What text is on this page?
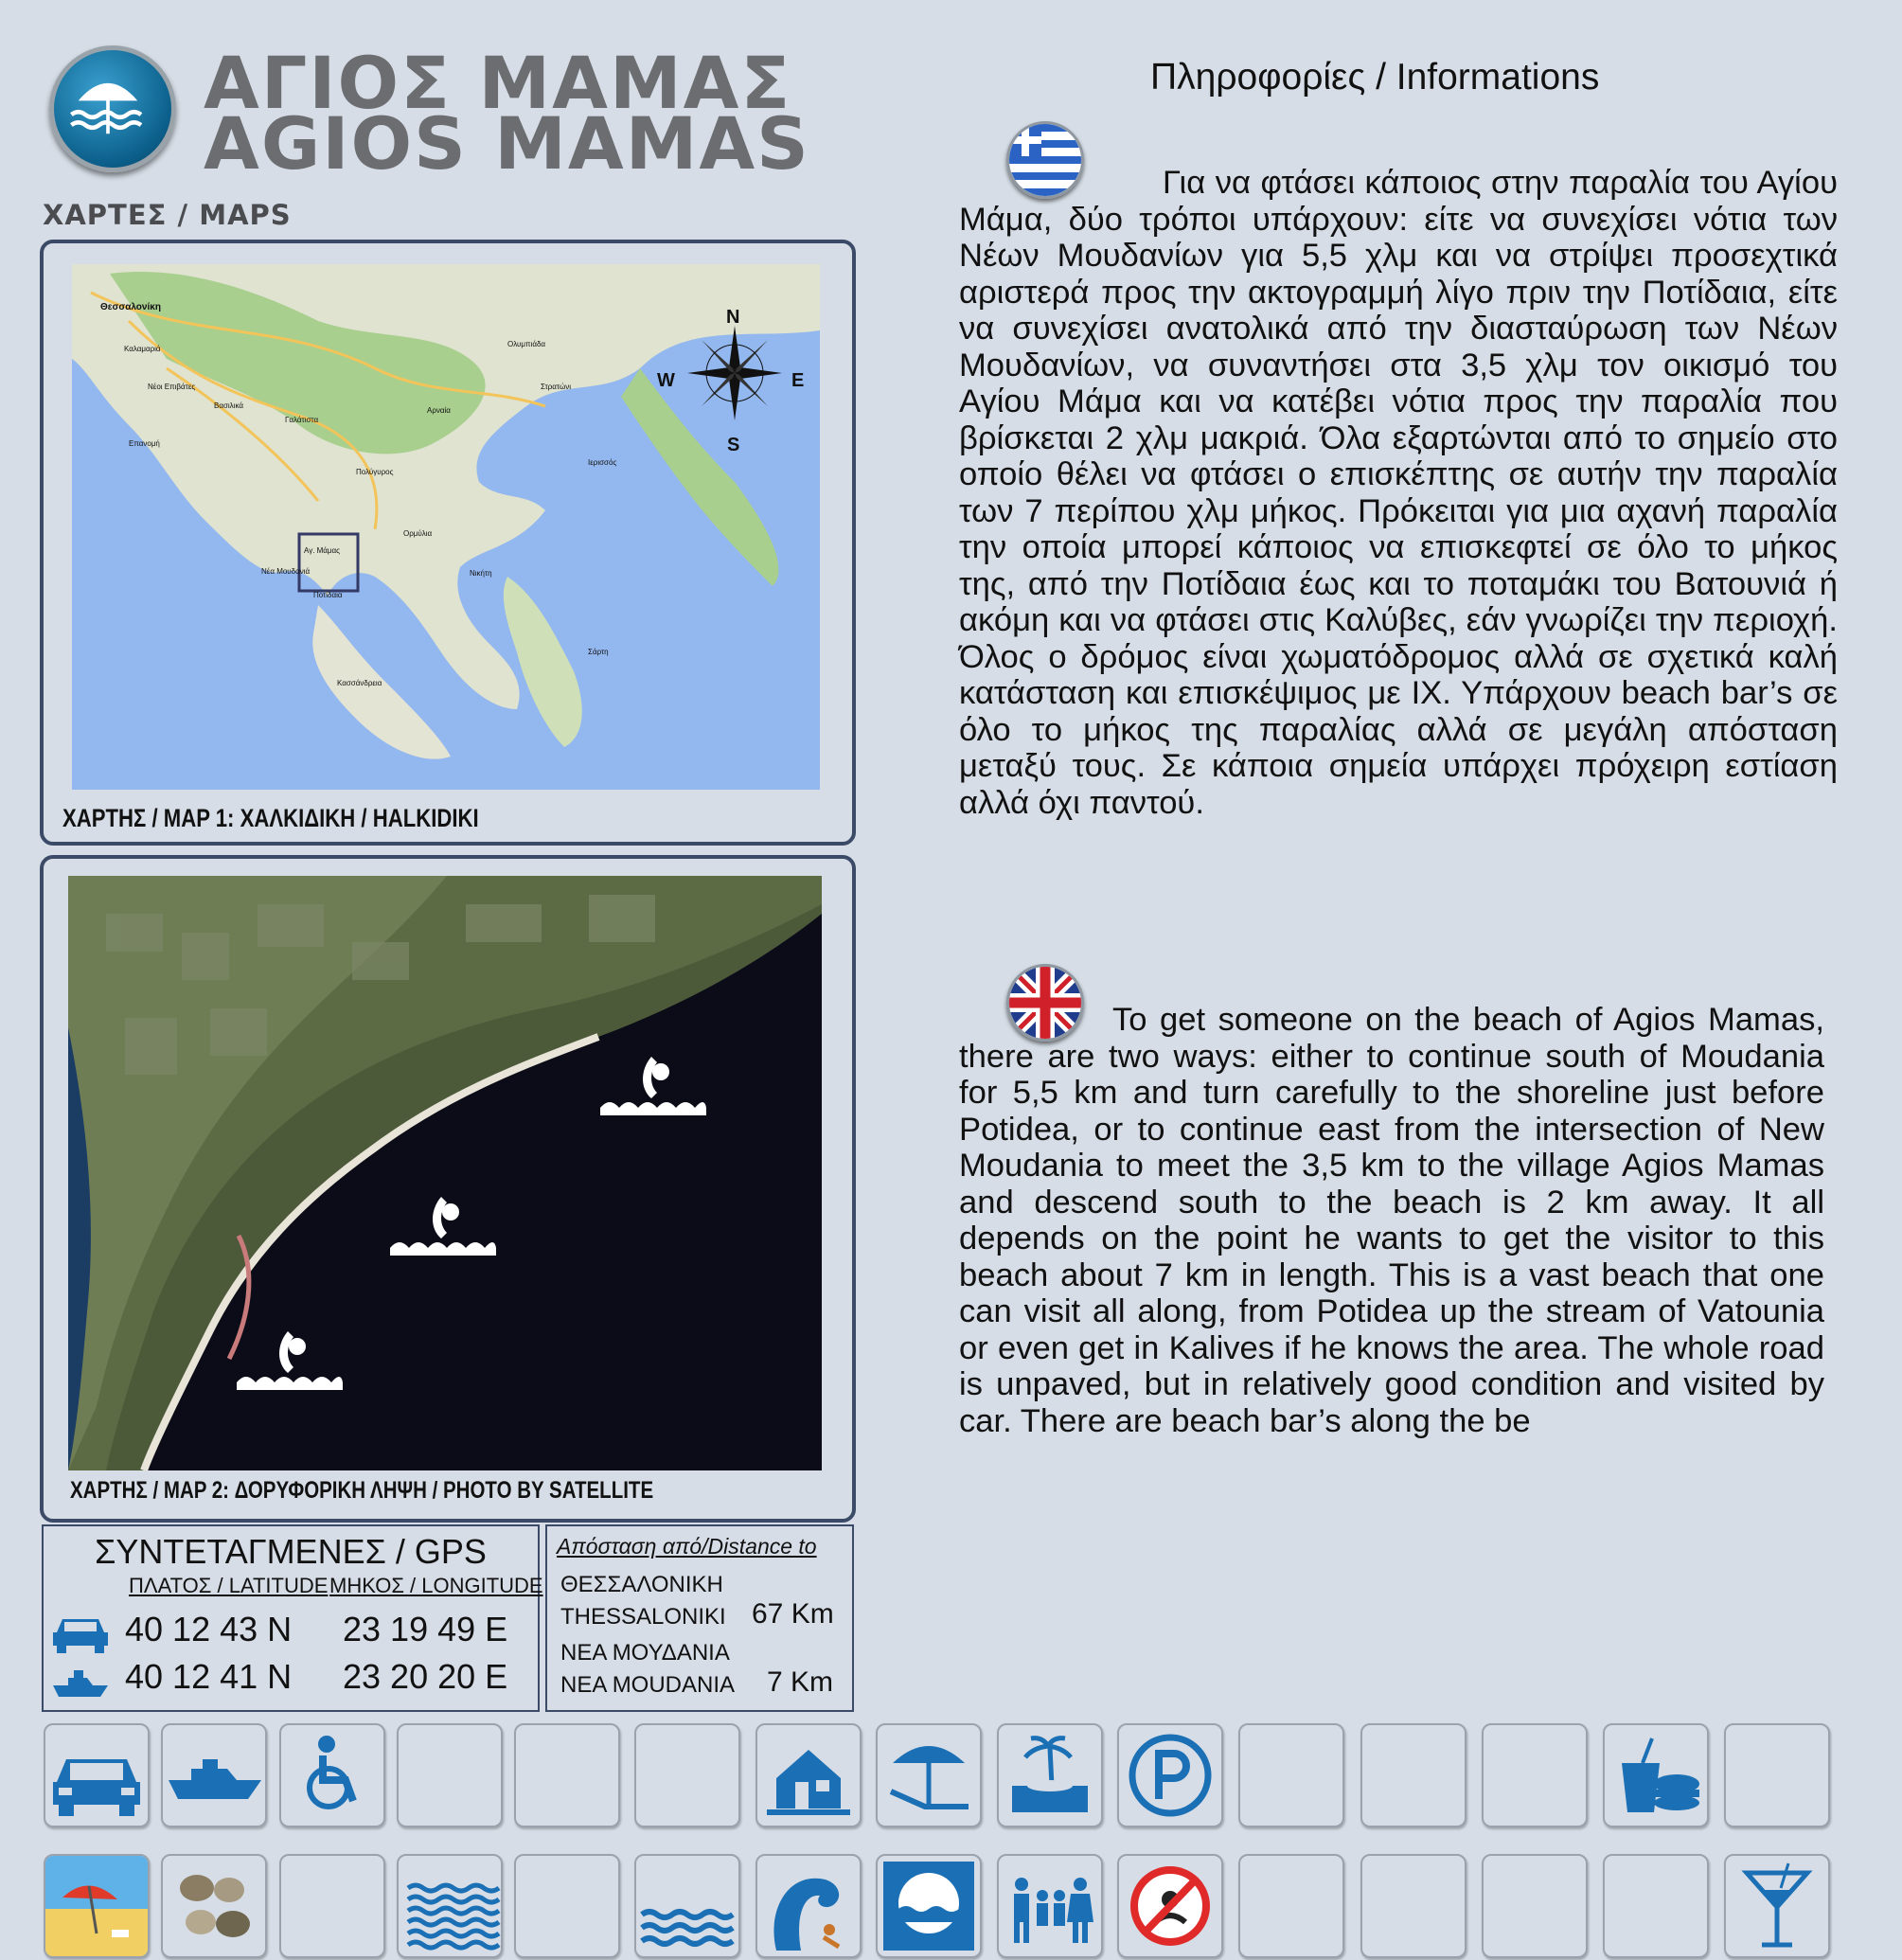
ΑΓΙΟΣ ΜΑΜΑΣ
AGIOS MAMAS
ΧΑΡΤΕΣ / MAPS
Θεσσαλονίκη
Καλαμαριά
Νέοι Επιβάτες
Επανομή
Βασιλικά
Γαλάτιστα
Αρναία
Στρατώνι
Ολυμπιάδα
Ιερισσός
Πολύγυρος
Ορμύλια
Αγ. Μάμας
Νέα Μουδανιά
Ποτίδαια
Νικήτη
Κασσάνδρεια
Σάρτη
N
S
W	E
ΧΑΡΤΗΣ / MAP 1: ΧΑΛΚΙΔΙΚΗ / HALKIDIKI
ΧΑΡΤΗΣ / MAP 2: ΔΟΡΥΦΟΡΙΚΗ ΛΗΨΗ / PHOTO BY SATELLITE
ΣΥΝΤΕΤΑΓΜΕΝΕΣ / GPS
ΠΛΑΤΟΣ / LATITUDE ΜΗΚΟΣ / LONGITUDE
40 12 43 N 23 19 49 E
40 12 41 N 23 20 20 E
Απόσταση από/Distance to
ΘΕΣΣΑΛΟΝΙΚΗ
THESSALONIKI 67 Km
ΝΕΑ ΜΟΥΔΑΝΙΑ
NEA MOUDANIA 7 Km
Πληροφορίες / Informations
Για να φτάσει κάποιος στην παραλία του Αγίου Μάμα, δύο τρόποι υπάρχουν: είτε να συνεχίσει νότια των Νέων Μουδανίων για 5,5 χλμ και να στρίψει προσεχτικά αριστερά προς την ακτογραμμή λίγο πριν την Ποτίδαια, είτε να συνεχίσει ανατολικά από την διασταύρωση των Νέων Μουδανίων, να συναντήσει στα 3,5 χλμ τον οικισμό του Αγίου Μάμα και να κατέβει νότια προς την παραλία που βρίσκεται 2 χλμ μακριά. Όλα εξαρτώνται από το σημείο στο οποίο θέλει να φτάσει ο επισκέπτης σε αυτήν την παραλία των 7 περίπου χλμ μήκος. Πρόκειται για μια αχανή παραλία την οποία μπορεί κάποιος να επισκεφτεί σε όλο το μήκος της, από την Ποτίδαια έως και το ποταμάκι του Βατουνιά ή ακόμη και να φτάσει στις Καλύβες, εάν γνωρίζει την περιοχή. Όλος ο δρόμος είναι χωματόδρομος αλλά σε σχετικά καλή κατάσταση και επισκέψιμος με ΙΧ. Υπάρχουν beach bar’s σε όλο το μήκος της παραλίας αλλά σε μεγάλη απόσταση μεταξύ τους. Σε κάποια σημεία υπάρχει πρόχειρη εστίαση αλλά όχι παντού.
To get someone on the beach of Agios Mamas, there are two ways: either to continue south of Moudania for 5,5 km and turn carefully to the shoreline just before Potidea, or to continue east from the intersection of New Moudania to meet the 3,5 km to the village Agios Mamas and descend south to the beach is 2 km away. It all depends on the point he wants to get the visitor to this beach about 7 km in length. This is a vast beach that one can visit all along, from Potidea up the stream of Vatounia or even get in Kalives if he knows the area. The whole road is unpaved, but in relatively good condition and visited by car. There are beach bar’s along the be
